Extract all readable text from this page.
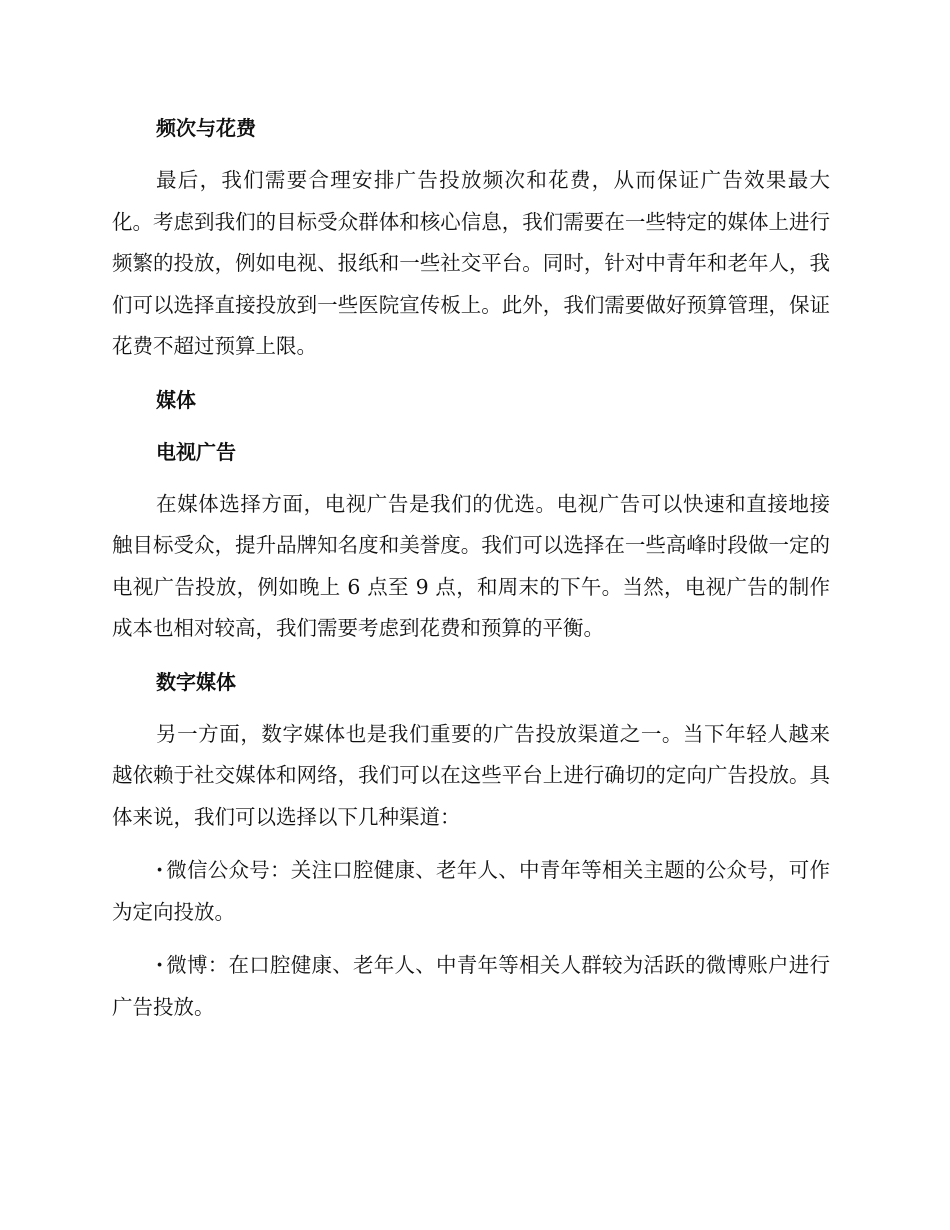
频次与花费

最后，我们需要合理安排广告投放频次和花费，从而保证广告效果最大化。考虑到我们的目标受众群体和核心信息，我们需要在一些特定的媒体上进行频繁的投放，例如电视、报纸和一些社交平台。同时，针对中青年和老年人，我们可以选择直接投放到一些医院宣传板上。此外，我们需要做好预算管理，保证花费不超过预算上限。

媒体
电视广告

在媒体选择方面，电视广告是我们的优选。电视广告可以快速和直接地接触目标受众，提升品牌知名度和美誉度。我们可以选择在一些高峰时段做一定的电视广告投放，例如晚上 6 点至 9 点，和周末的下午。当然，电视广告的制作成本也相对较高，我们需要考虑到花费和预算的平衡。

数字媒体

另一方面，数字媒体也是我们重要的广告投放渠道之一。当下年轻人越来越依赖于社交媒体和网络，我们可以在这些平台上进行确切的定向广告投放。具体来说，我们可以选择以下几种渠道：

· 微信公众号：关注口腔健康、老年人、中青年等相关主题的公众号，可作为定向投放。

· 微博：在口腔健康、老年人、中青年等相关人群较为活跃的微博账户进行广告投放。
